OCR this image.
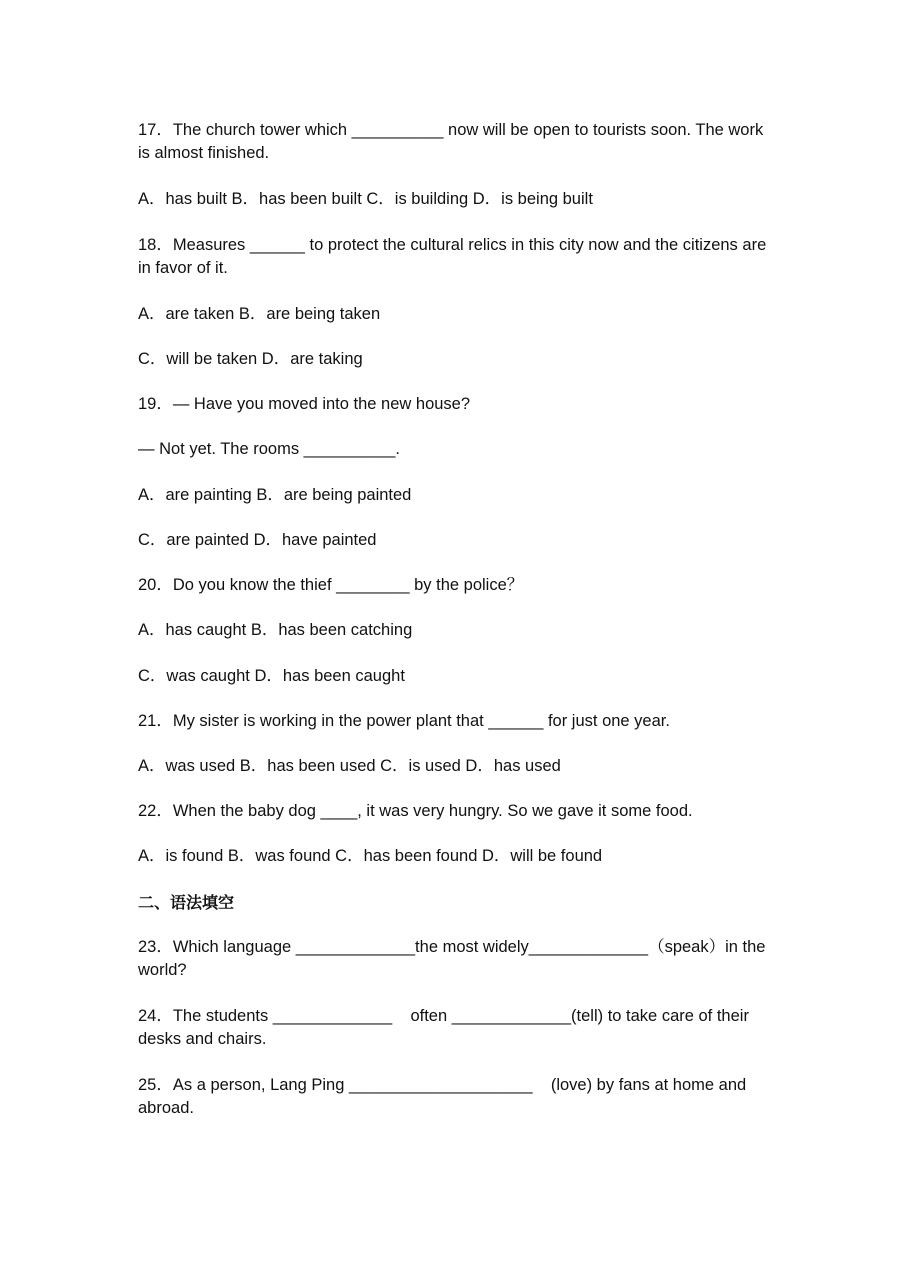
17．The church tower which __________ now will be open to tourists soon. The work is almost finished.

A．has built B．has been built C．is building D．is being built

18．Measures ______ to protect the cultural relics in this city now and the citizens are in favor of it.

A．are taken B．are being taken

C．will be taken D．are taking

19．— Have you moved into the new house?

— Not yet. The rooms __________.

A．are painting B．are being painted

C．are painted D．have painted

20．Do you know the thief ________ by the police？

A．has caught B．has been catching

C．was caught D．has been caught

21．My sister is working in the power plant that ______ for just one year.

A．was used B．has been used C．is used D．has used

22．When the baby dog ____, it was very hungry. So we gave it some food.

A．is found B．was found C．has been found D．will be found

二、语法填空

23．Which language _____________the most widely_____________（speak）in the world?

24．The students _____________    often _____________(tell) to take care of their desks and chairs.

25．As a person, Lang Ping ____________________    (love) by fans at home and abroad.
